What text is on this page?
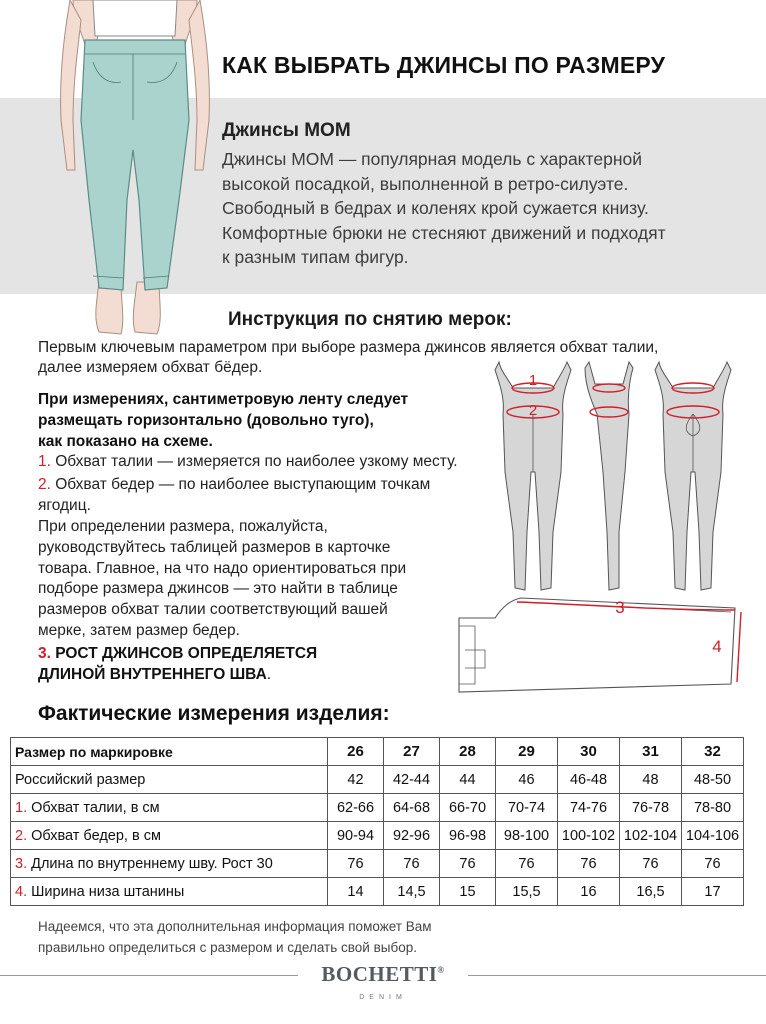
КАК ВЫБРАТЬ ДЖИНСЫ ПО РАЗМЕРУ
Джинсы МОМ
Джинсы МОМ — популярная модель с характерной
высокой посадкой, выполненной в ретро-силуэте.
Свободный в бедрах и коленях крой сужается книзу.
Комфортные брюки не стесняют движений и подходят
к разным типам фигур.
Инструкция по снятию мерок:
Первым ключевым параметром при выборе размера джинсов является обхват талии,
далее измеряем обхват бёдер.
При измерениях, сантиметровую ленту следует
размещать горизонтально (довольно туго),
как показано на схеме.
1. Обхват талии — измеряется по наиболее узкому месту.
2. Обхват бедер — по наиболее выступающим точкам ягодиц.
При определении размера, пожалуйста,
руководствуйтесь таблицей размеров в карточке
товара. Главное, на что надо ориентироваться при
подборе размера джинсов — это найти в таблице
размеров обхват талии соответствующий вашей
мерке, затем размер бедер.
3. РОСТ ДЖИНСОВ ОПРЕДЕЛЯЕТСЯ
ДЛИНОЙ ВНУТРЕННЕГО ШВА.
1
2
3
4
Фактические измерения изделия:
Размер по маркировке	26	27	28	29	30	31	32
Российский размер	42	42-44	44	46	46-48	48	48-50
1. Обхват талии, в см	62-66	64-68	66-70	70-74	74-76	76-78	78-80
2. Обхват бедер, в см	90-94	92-96	96-98	98-100	100-102	102-104	104-106
3. Длина по внутреннему шву. Рост 30	76	76	76	76	76	76	76
4. Ширина низа штанины	14	14,5	15	15,5	16	16,5	17
Надеемся, что эта дополнительная информация поможет Вам
правильно определиться с размером и сделать свой выбор.
BOCHETTI®
DENIM
